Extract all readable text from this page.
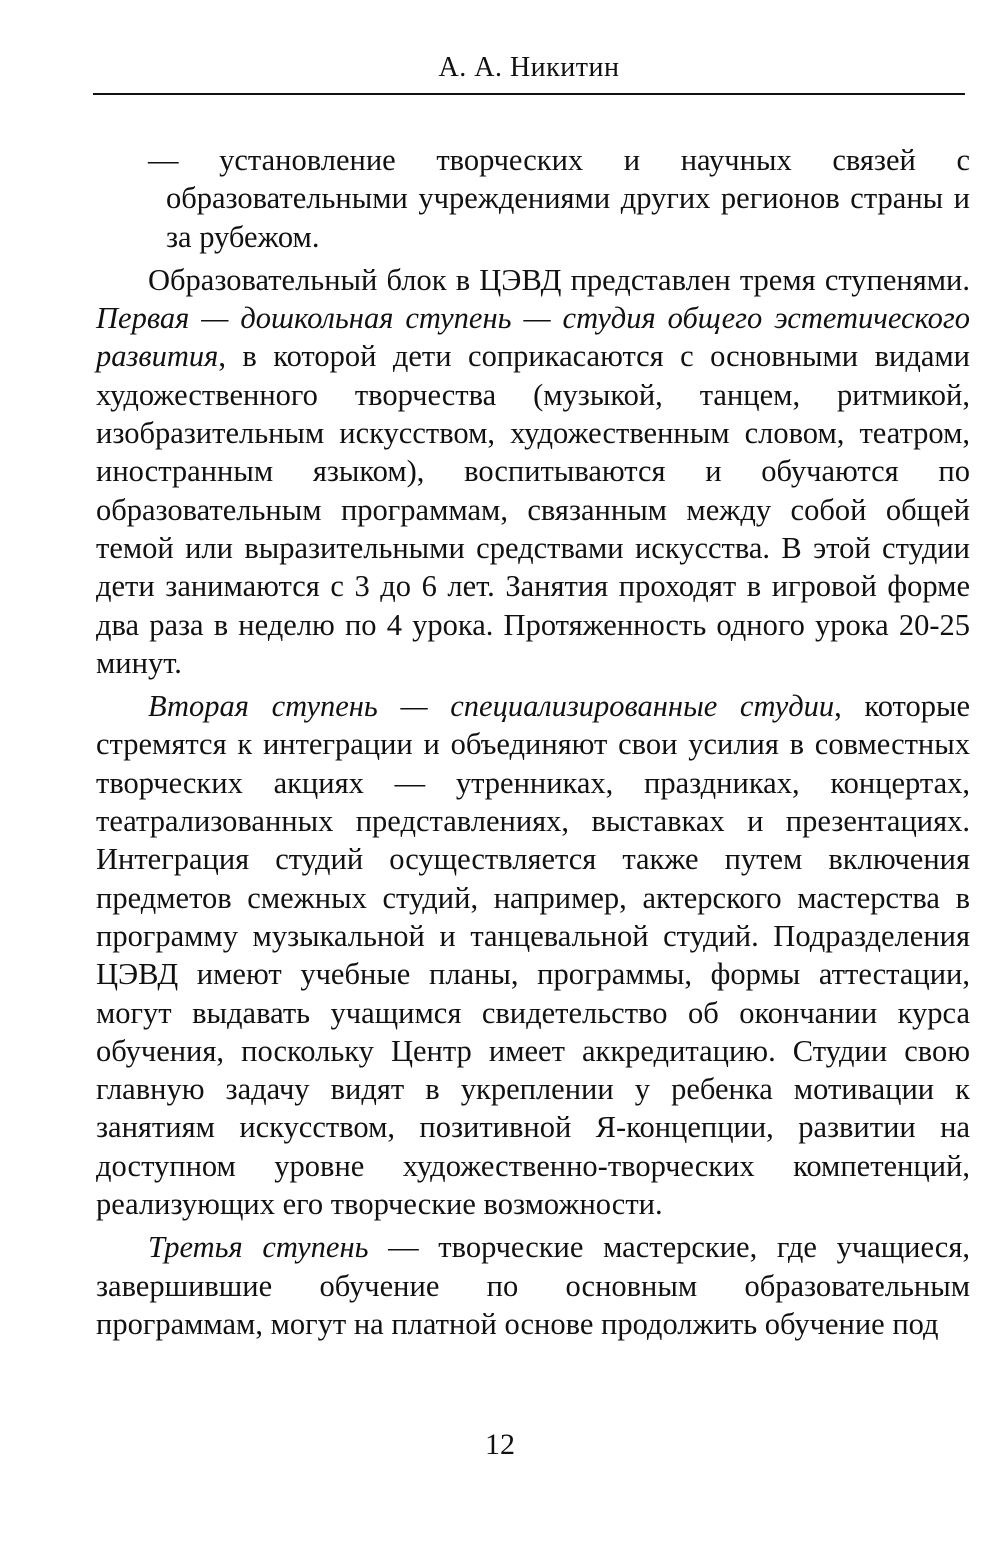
А. А. Никитин

— установление творческих и научных связей с образовательными учреждениями других регионов страны и за рубежом.

Образовательный блок в ЦЭВД представлен тремя ступенями. Первая — дошкольная ступень — студия общего эстетического развития, в которой дети соприкасаются с основными видами художественного творчества (музыкой, танцем, ритмикой, изобразительным искусством, художественным словом, театром, иностранным языком), воспитываются и обучаются по образовательным программам, связанным между собой общей темой или выразительными средствами искусства. В этой студии дети занимаются с 3 до 6 лет. Занятия проходят в игровой форме два раза в неделю по 4 урока. Протяженность одного урока 20-25 минут.

Вторая ступень — специализированные студии, которые стремятся к интеграции и объединяют свои усилия в совместных творческих акциях — утренниках, праздниках, концертах, театрализованных представлениях, выставках и презентациях. Интеграция студий осуществляется также путем включения предметов смежных студий, например, актерского мастерства в программу музыкальной и танцевальной студий. Подразделения ЦЭВД имеют учебные планы, программы, формы аттестации, могут выдавать учащимся свидетельство об окончании курса обучения, поскольку Центр имеет аккредитацию. Студии свою главную задачу видят в укреплении у ребенка мотивации к занятиям искусством, позитивной Я-концепции, развитии на доступном уровне художественно-творческих компетенций, реализующих его творческие возможности.

Третья ступень — творческие мастерские, где учащиеся, завершившие обучение по основным образовательным программам, могут на платной основе продолжить обучение под

12
